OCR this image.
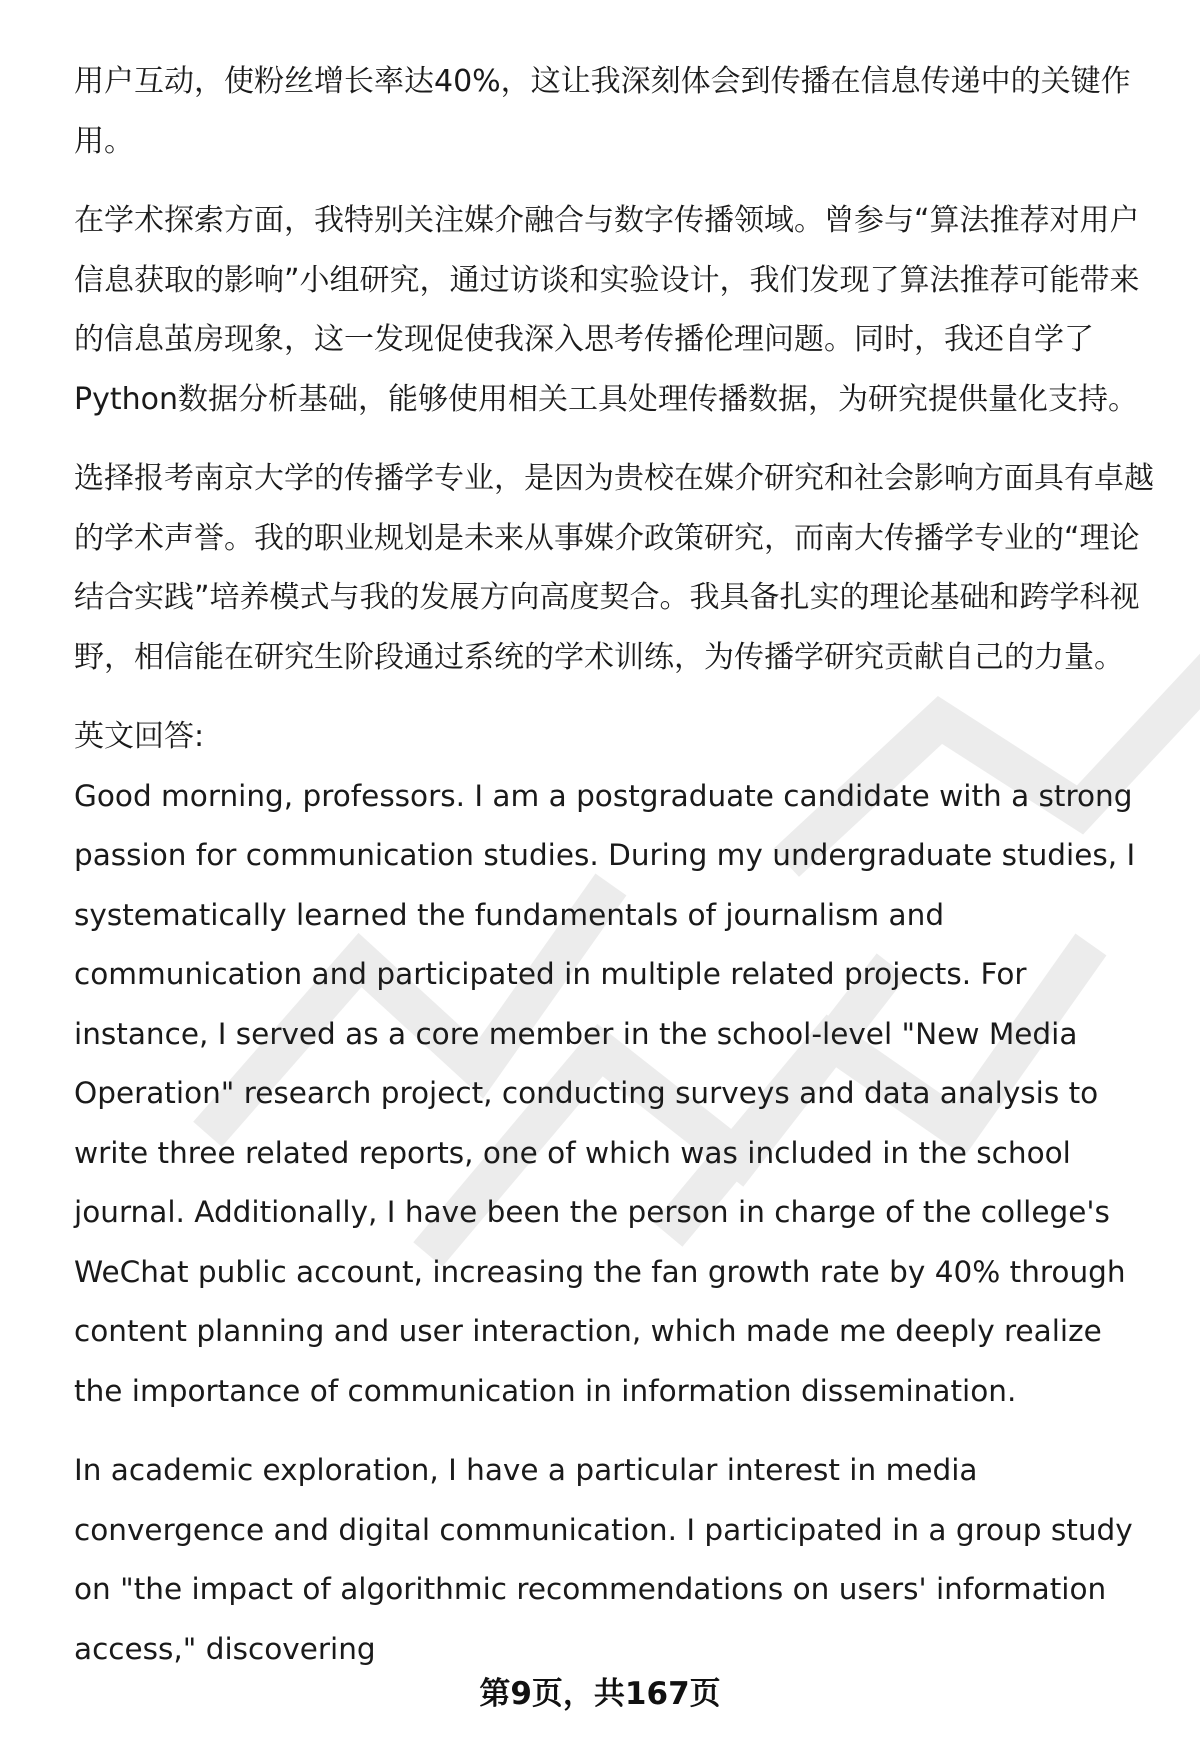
用户互动，使粉丝增长率达40%，这让我深刻体会到传播在信息传递中的关键作用。

在学术探索方面，我特别关注媒介融合与数字传播领域。曾参与“算法推荐对用户信息获取的影响”小组研究，通过访谈和实验设计，我们发现了算法推荐可能带来的信息茧房现象，这一发现促使我深入思考传播伦理问题。同时，我还自学了Python数据分析基础，能够使用相关工具处理传播数据，为研究提供量化支持。

选择报考南京大学的传播学专业，是因为贵校在媒介研究和社会影响方面具有卓越的学术声誉。我的职业规划是未来从事媒介政策研究，而南大传播学专业的“理论结合实践”培养模式与我的发展方向高度契合。我具备扎实的理论基础和跨学科视野，相信能在研究生阶段通过系统的学术训练，为传播学研究贡献自己的力量。

英文回答:

Good morning, professors. I am a postgraduate candidate with a strong passion for communication studies. During my undergraduate studies, I systematically learned the fundamentals of journalism and communication and participated in multiple related projects. For instance, I served as a core member in the school-level "New Media Operation" research project, conducting surveys and data analysis to write three related reports, one of which was included in the school journal. Additionally, I have been the person in charge of the college's WeChat public account, increasing the fan growth rate by 40% through content planning and user interaction, which made me deeply realize the importance of communication in information dissemination.

In academic exploration, I have a particular interest in media convergence and digital communication. I participated in a group study on "the impact of algorithmic recommendations on users' information access," discovering

第9页，共167页
